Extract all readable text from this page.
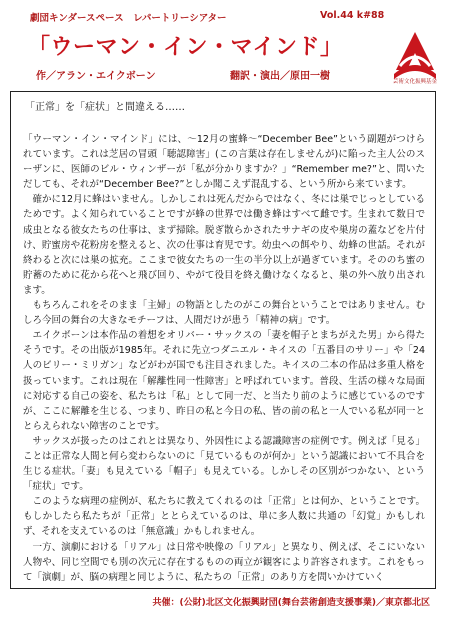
劇団キンダースペース　レパートリーシアター	Vol.44 k#88
「ウーマン・イン・マインド」
作／アラン・エイクボーン	翻訳・演出／原田一樹	芸術文化振興基金
「正常」を「症状」と間違える……

「ウーマン・イン・マインド」には、～12月の蜜蜂～“December Bee”という副題がつけられています。これは芝居の冒頭「聴認障害」(この言葉は存在しませんが)に陥った主人公のスーザンに、医師のビル・ウィンザーが「私が分かりますか？」“Remember me?”と、問いただしても、それが“December Bee?”としか聞こえず混乱する、という所から来ています。

確かに12月に蜂はいません。しかしこれは死んだからではなく、冬には巣でじっとしているためです。よく知られていることですが蜂の世界では働き蜂はすべて雌です。生まれて数日で成虫となる彼女たちの仕事は、まず掃除。脱ぎ散らかされたサナギの皮や巣房の蓋などを片付け、貯蜜房や花粉房を整えると、次の仕事は育児です。幼虫への餌やり、幼蜂の世話。それが終わると次には巣の拡充。ここまで彼女たちの一生の半分以上が過ぎています。そののち蜜の貯蓄のために花から花へと飛び回り、やがて役目を終え働けなくなると、巣の外へ放り出されます。

もちろんこれをそのまま「主婦」の物語としたのがこの舞台ということではありません。むしろ今回の舞台の大きなモチーフは、人間だけが患う「精神の病」です。

エイクボーンは本作品の着想をオリバー・サックスの「妻を帽子とまちがえた男」から得たそうです。その出版が1985年。それに先立つダニエル・キイスの「五番目のサリー」や「24人のビリー・ミリガン」などがわが国でも注目されました。キイスの二本の作品は多重人格を扱っています。これは現在「解離性同一性障害」と呼ばれています。普段、生活の様々な局面に対応する自己の姿を、私たちは「私」として同一だ、と当たり前のように感じているのですが、ここに解離を生じる、つまり、昨日の私と今日の私、皆の前の私と一人でいる私が同一ととらえられない障害のことです。

サックスが扱ったのはこれとは異なり、外因性による認識障害の症例です。例えば「見る」ことは正常な人間と何ら変わらないのに「見ているものが何か」という認識において不具合を生じる症状。「妻」も見えている「帽子」も見えている。しかしその区別がつかない、という「症状」です。

このような病理の症例が、私たちに教えてくれるのは「正常」とは何か、ということです。もしかしたら私たちが「正常」ととらえているのは、単に多人数に共通の「幻覚」かもしれず、それを支えているのは「無意識」かもしれません。

一方、演劇における「リアル」は日常や映像の「リアル」と異なり、例えば、そこにいない人物や、同じ空間でも別の次元に存在するものの両立が観客により許容されます。これをもって「演劇」が、脳の病理と同じように、私たちの「正常」のあり方を問いかけていく

共催：(公財)北区文化振興財団(舞台芸術創造支援事業)／東京都北区
